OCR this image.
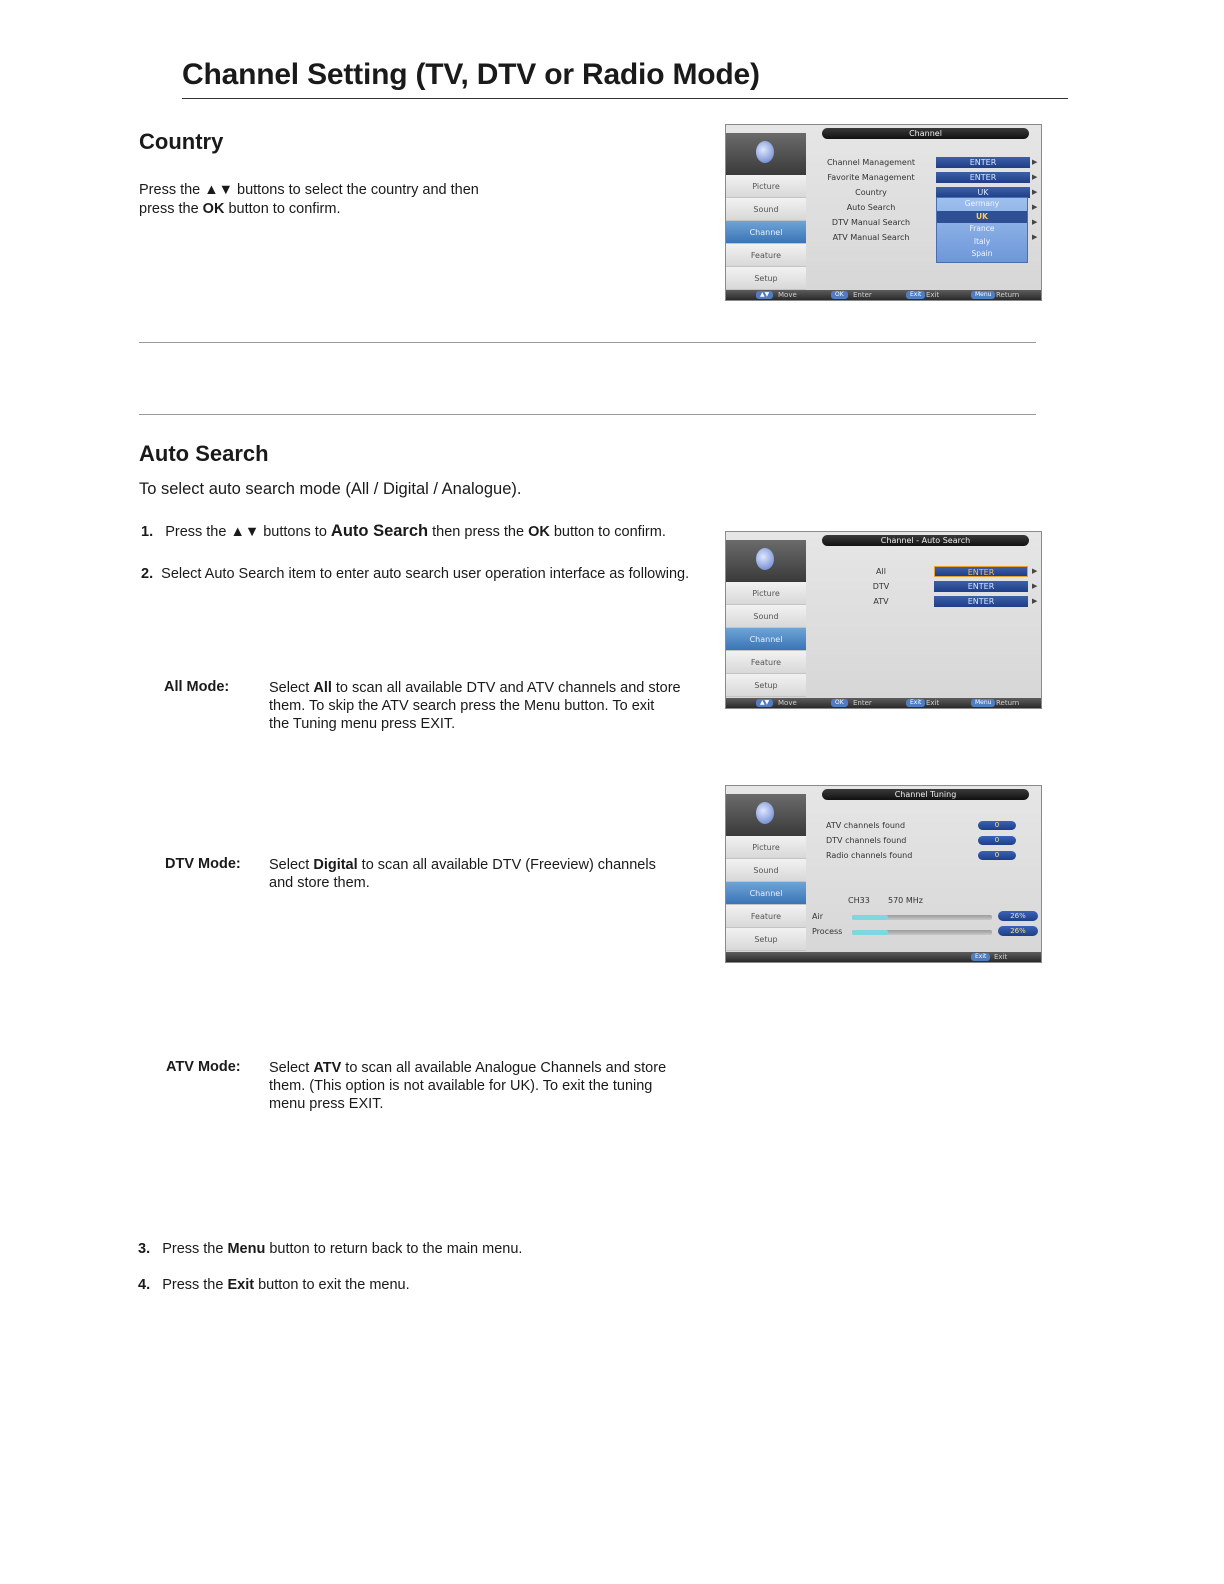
Channel Setting (TV, DTV or Radio Mode)
Country
Press the ▲▼ buttons to select the country and then
press the OK button to confirm.
Channel
Picture
Sound
Channel
Feature
Setup
Channel Management	ENTER	▶
Favorite Management	ENTER	▶
Country	UK	▶
Auto Search	▶
DTV Manual Search	▶
ATV Manual Search	▶
Germany
UK
France
Italy
Spain
▲▼	Move	OK	Enter	Exit Exit	Menu Return
Auto Search
To select auto search mode (All / Digital / Analogue).
1. Press the ▲▼ buttons to Auto Search then press the OK button to confirm.
2. Select Auto Search item to enter auto search user operation interface as following.
All Mode:	Select All to scan all available DTV and ATV channels and store
them. To skip the ATV search press the Menu button. To exit
the Tuning menu press EXIT.
DTV Mode: Select Digital to scan all available DTV (Freeview) channels
and store them.
ATV Mode: Select ATV to scan all available Analogue Channels and store
them. (This option is not available for UK). To exit the tuning
menu press EXIT.
3. Press the Menu button to return back to the main menu.
4. Press the Exit button to exit the menu.
Channel - Auto Search
Picture
Sound
Channel
Feature
Setup
All	ENTER	▶
DTV	ENTER	▶
ATV	ENTER	▶
▲▼	Move	OK	Enter	Exit Exit	Menu Return
Channel Tuning
Picture
Sound
Channel
Feature
Setup
ATV channels found	0
DTV channels found	0
Radio channels found	0
CH33 570 MHz
Air	26%
Process	26%
Exit	Exit
